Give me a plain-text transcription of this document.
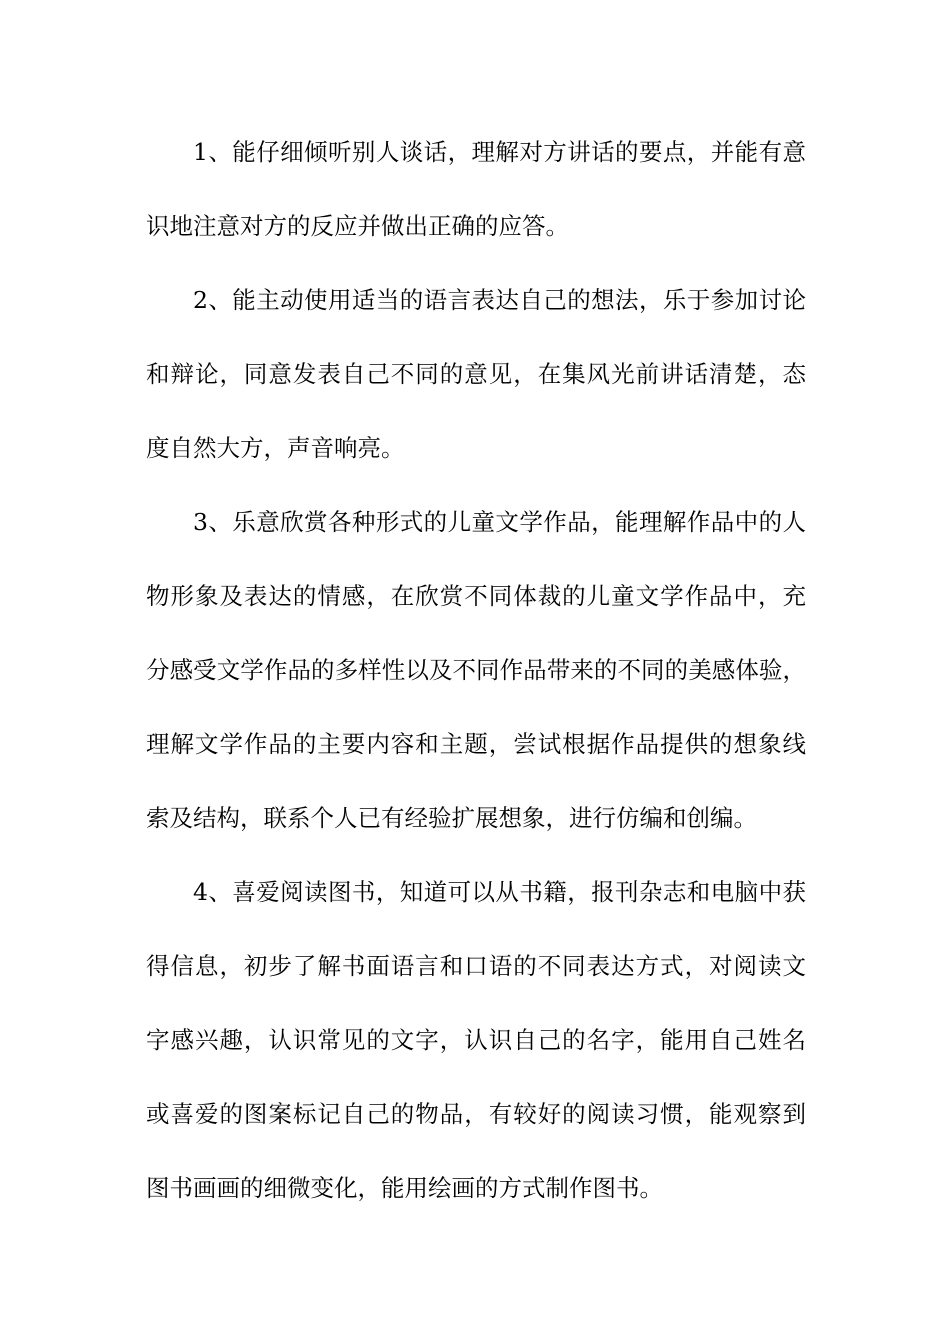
1、能仔细倾听别人谈话，理解对方讲话的要点，并能有意
识地注意对方的反应并做出正确的应答。
2、能主动使用适当的语言表达自己的想法，乐于参加讨论
和辩论，同意发表自己不同的意见，在集风光前讲话清楚，态
度自然大方，声音响亮。
3、乐意欣赏各种形式的儿童文学作品，能理解作品中的人
物形象及表达的情感，在欣赏不同体裁的儿童文学作品中，充
分感受文学作品的多样性以及不同作品带来的不同的美感体验，
理解文学作品的主要内容和主题，尝试根据作品提供的想象线
索及结构，联系个人已有经验扩展想象，进行仿编和创编。
4、喜爱阅读图书，知道可以从书籍，报刊杂志和电脑中获
得信息，初步了解书面语言和口语的不同表达方式，对阅读文
字感兴趣，认识常见的文字，认识自己的名字，能用自己姓名
或喜爱的图案标记自己的物品，有较好的阅读习惯，能观察到
图书画画的细微变化，能用绘画的方式制作图书。
